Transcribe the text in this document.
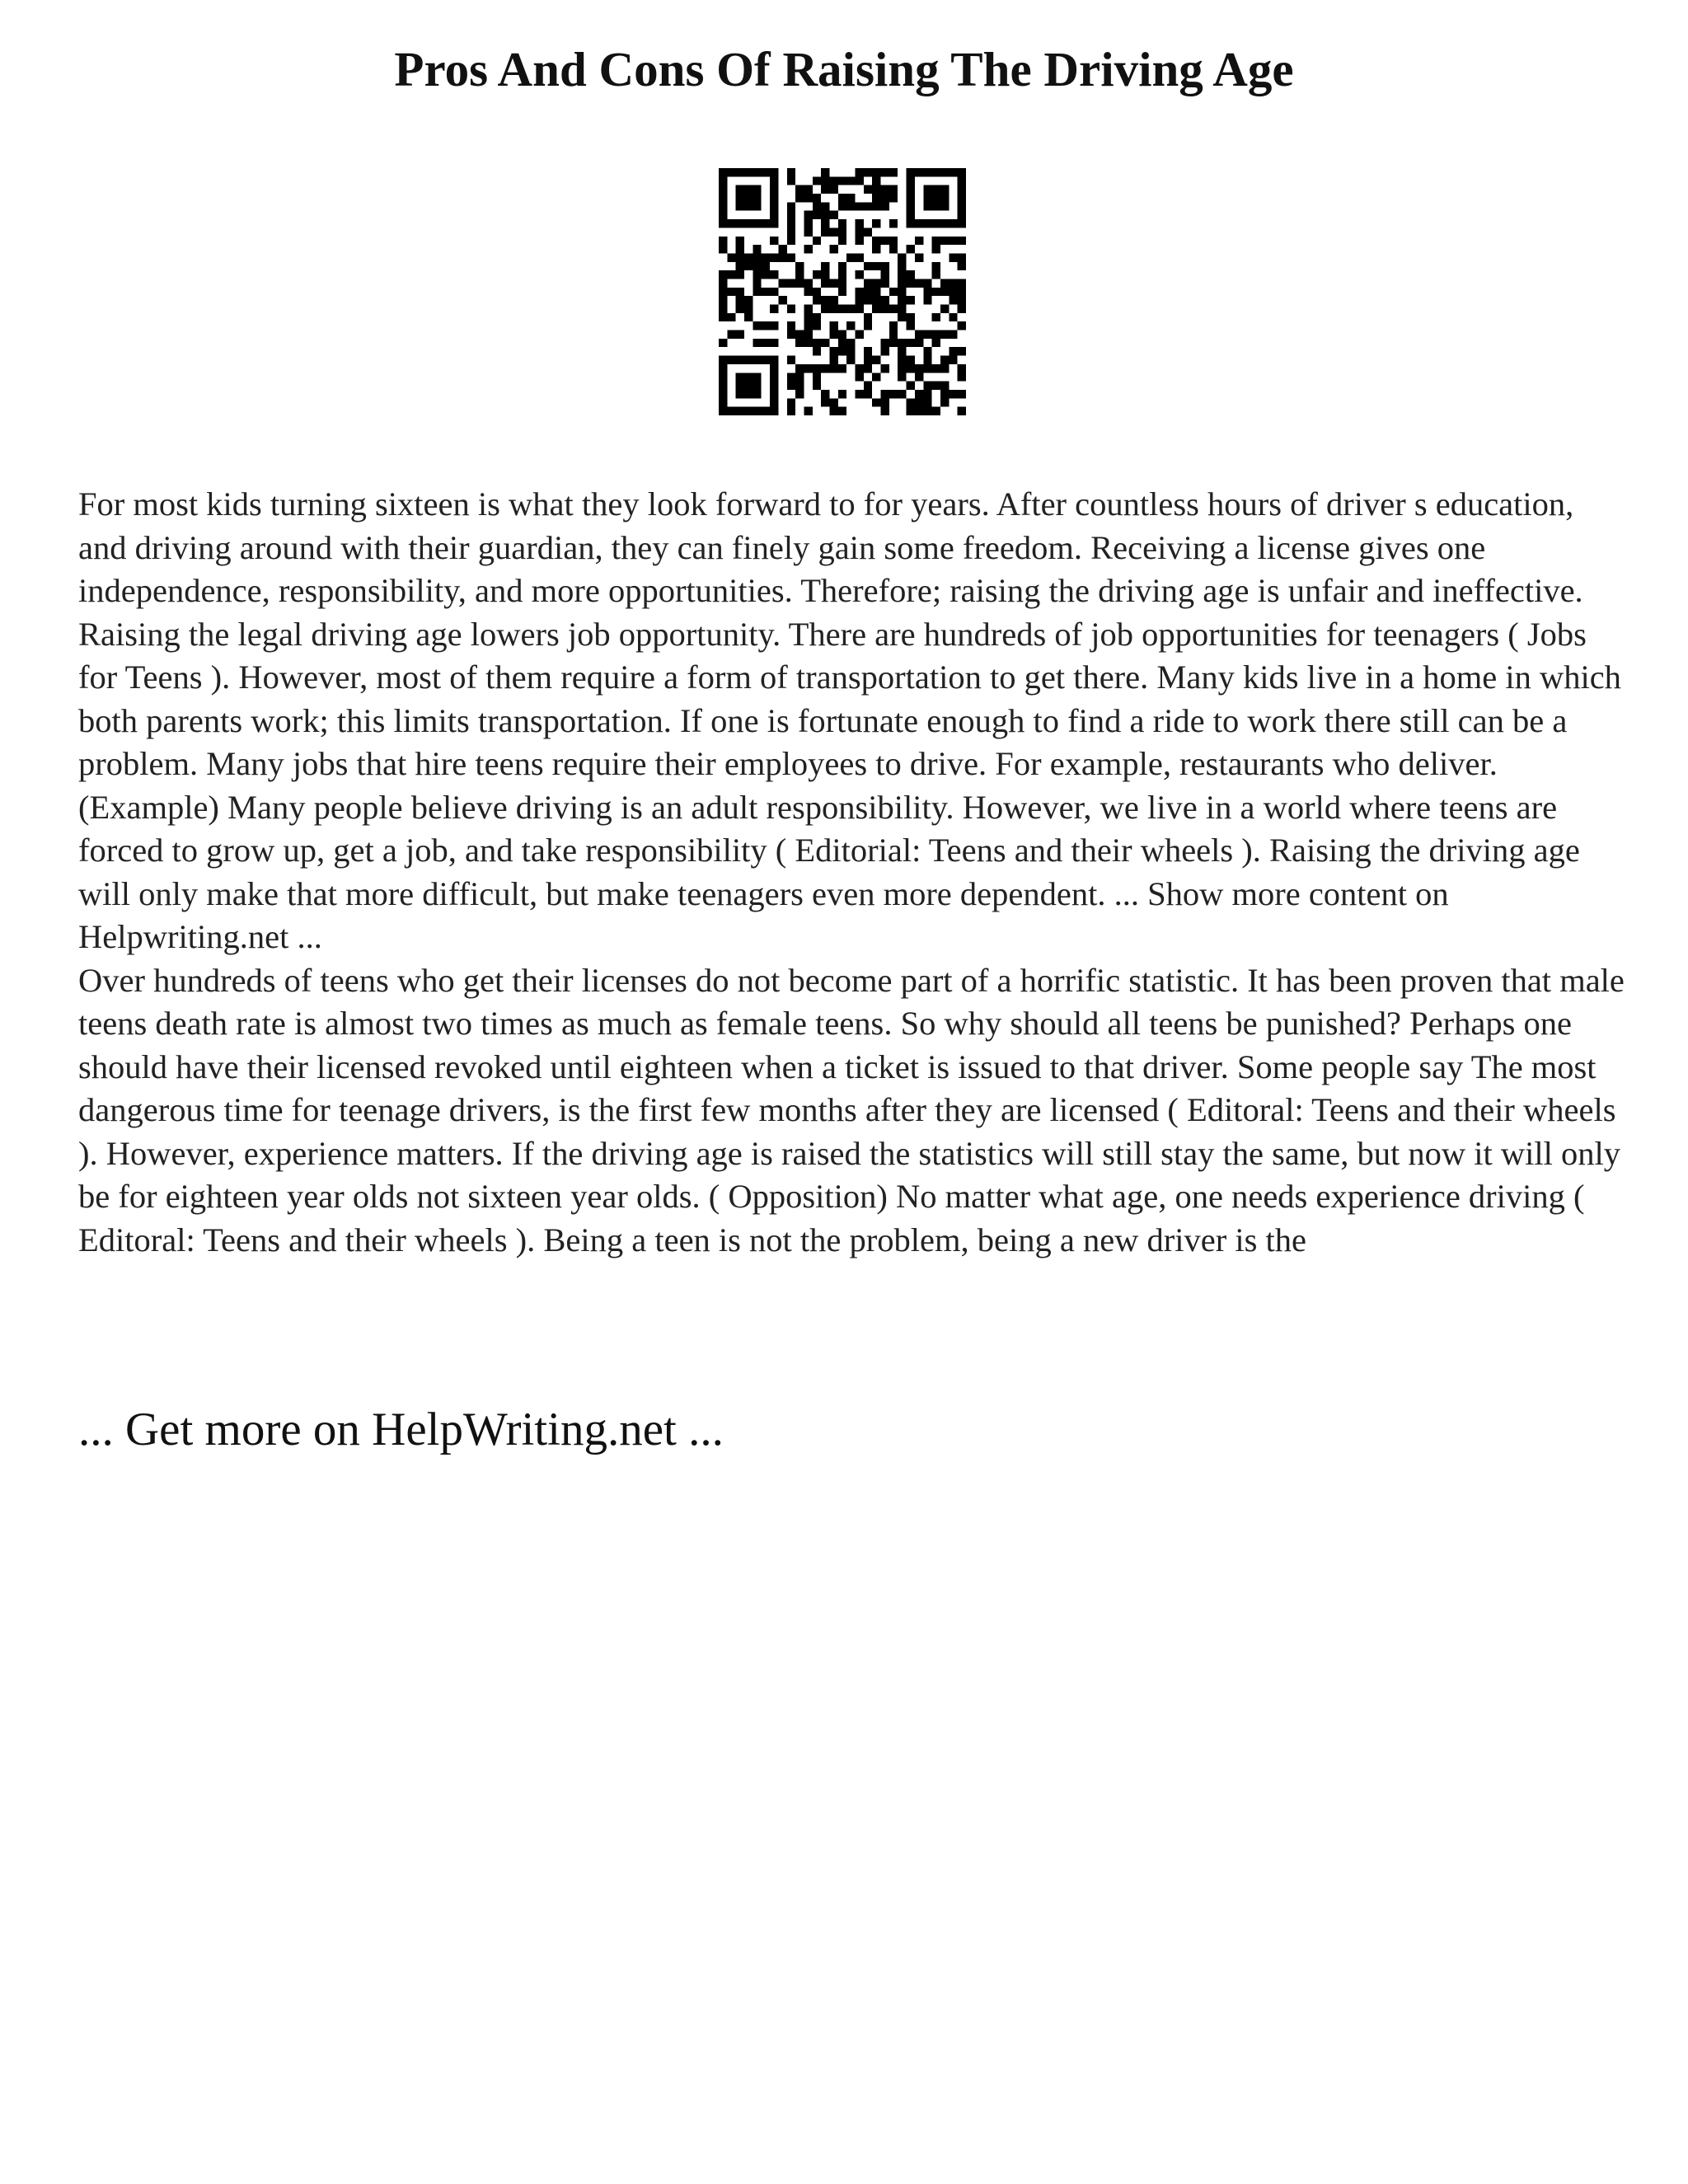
Pros And Cons Of Raising The Driving Age

For most kids turning sixteen is what they look forward to for years. After countless hours of driver s education, and driving around with their guardian, they can finely gain some freedom. Receiving a license gives one independence, responsibility, and more opportunities. Therefore; raising the driving age is unfair and ineffective.

Raising the legal driving age lowers job opportunity. There are hundreds of job opportunities for teenagers ( Jobs for Teens ). However, most of them require a form of transportation to get there. Many kids live in a home in which both parents work; this limits transportation. If one is fortunate enough to find a ride to work there still can be a problem. Many jobs that hire teens require their employees to drive. For example, restaurants who deliver. (Example) Many people believe driving is an adult responsibility. However, we live in a world where teens are forced to grow up, get a job, and take responsibility ( Editorial: Teens and their wheels ). Raising the driving age will only make that more difficult, but make teenagers even more dependent. ... Show more content on Helpwriting.net ...

Over hundreds of teens who get their licenses do not become part of a horrific statistic. It has been proven that male teens death rate is almost two times as much as female teens. So why should all teens be punished? Perhaps one should have their licensed revoked until eighteen when a ticket is issued to that driver. Some people say The most dangerous time for teenage drivers, is the first few months after they are licensed ( Editoral: Teens and their wheels ). However, experience matters. If the driving age is raised the statistics will still stay the same, but now it will only be for eighteen year olds not sixteen year olds. ( Opposition) No matter what age, one needs experience driving ( Editoral: Teens and their wheels ). Being a teen is not the problem, being a new driver is the

... Get more on HelpWriting.net ...
